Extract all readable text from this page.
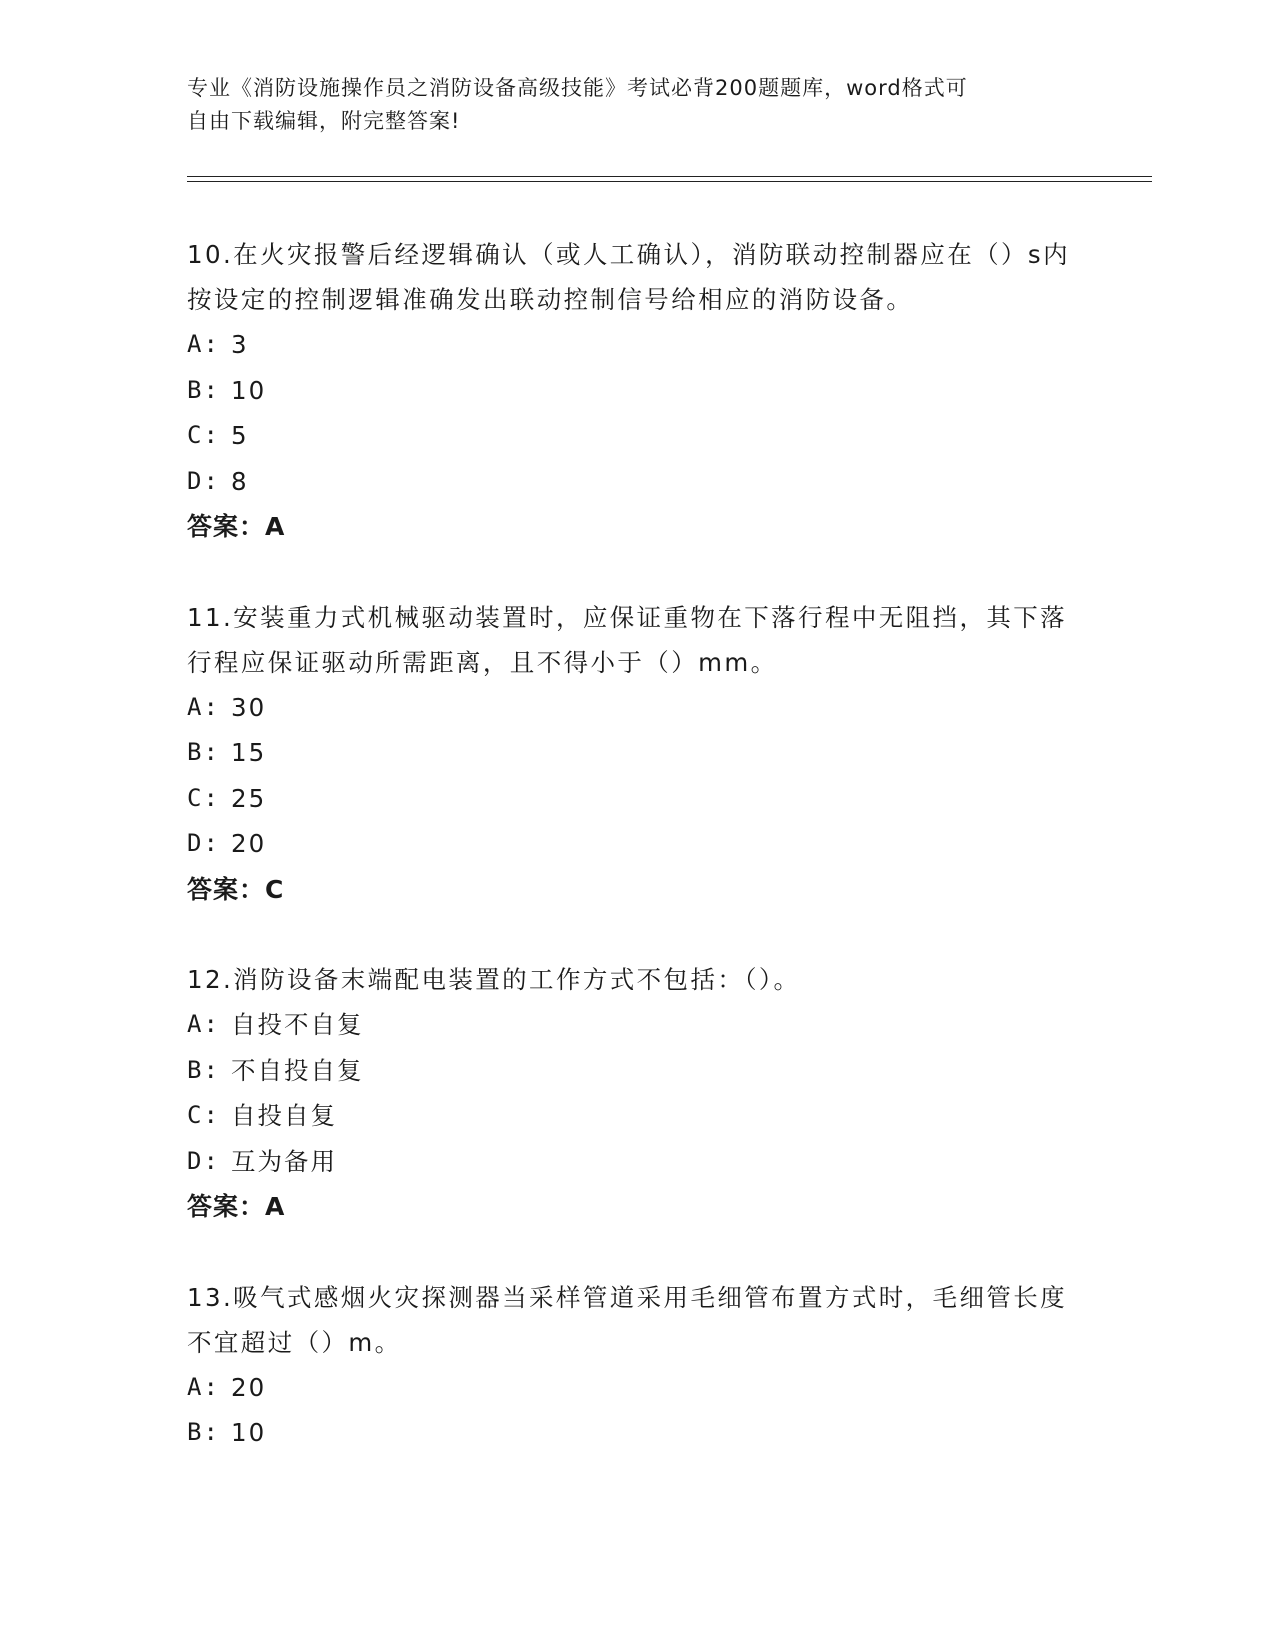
专业《消防设施操作员之消防设备高级技能》考试必背200题题库，word格式可
自由下载编辑，附完整答案!
10.在火灾报警后经逻辑确认（或人工确认），消防联动控制器应在（）s内按设定的控制逻辑准确发出联动控制信号给相应的消防设备。
A: 3
B: 10
C: 5
D: 8
答案：A
11.安装重力式机械驱动装置时，应保证重物在下落行程中无阻挡，其下落行程应保证驱动所需距离，且不得小于（）mm。
A: 30
B: 15
C: 25
D: 20
答案：C
12.消防设备末端配电装置的工作方式不包括：（）。
A: 自投不自复
B: 不自投自复
C: 自投自复
D: 互为备用
答案：A
13.吸气式感烟火灾探测器当采样管道采用毛细管布置方式时，毛细管长度不宜超过（）m。
A: 20
B: 10
